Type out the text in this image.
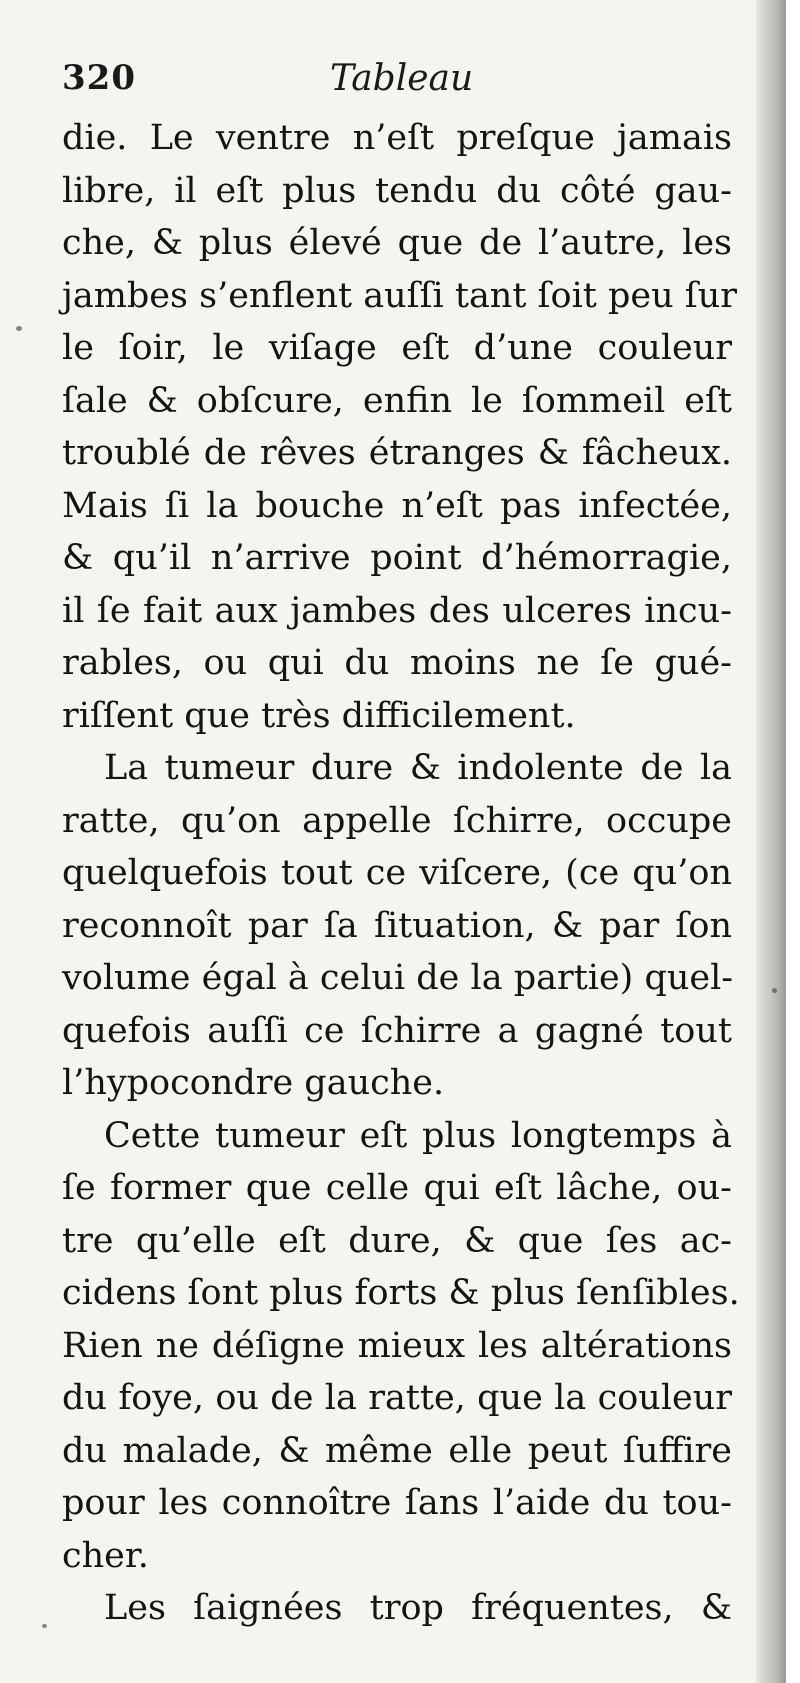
320	Tableau
die. Le ventre n’eſt preſque jamais
libre, il eſt plus tendu du côté gau-
che, & plus élevé que de l’autre, les
jambes s’enflent auſſi tant ſoit peu ſur
le ſoir, le viſage eſt d’une couleur
ſale & obſcure, enfin le ſommeil eſt
troublé de rêves étranges & fâcheux.
Mais ſi la bouche n’eſt pas infectée,
& qu’il n’arrive point d’hémorragie,
il ſe fait aux jambes des ulceres incu-
rables, ou qui du moins ne ſe gué-
riſſent que très difficilement.
La tumeur dure & indolente de la
ratte, qu’on appelle ſchirre, occupe
quelquefois tout ce viſcere, (ce qu’on
reconnoît par ſa ſituation, & par ſon
volume égal à celui de la partie) quel-
quefois auſſi ce ſchirre a gagné tout
l’hypocondre gauche.
Cette tumeur eſt plus longtemps à
ſe former que celle qui eſt lâche, ou-
tre qu’elle eſt dure, & que ſes ac-
cidens ſont plus forts & plus ſenſibles.
Rien ne déſigne mieux les altérations
du foye, ou de la ratte, que la couleur
du malade, & même elle peut ſuffire
pour les connoître ſans l’aide du tou-
cher.
Les ſaignées trop fréquentes, &
